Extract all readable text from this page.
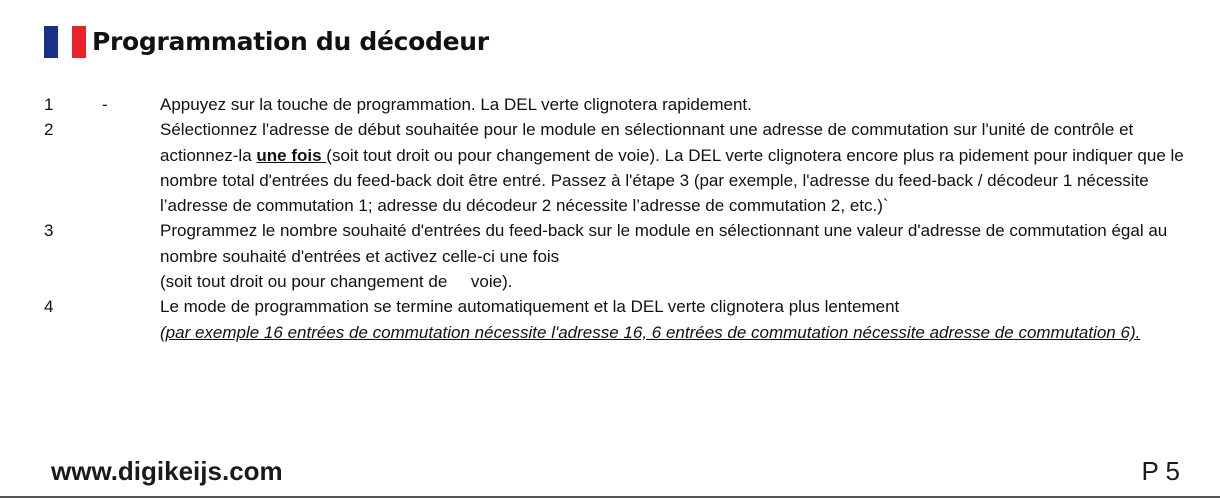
Programmation du décodeur
1	-	Appuyez sur la touche de programmation. La DEL verte clignotera rapidement.
2	Sélectionnez l'adresse de début souhaitée pour le module en sélectionnant une adresse de commutation sur l'unité de contrôle et actionnez-la une fois (soit tout droit ou pour changement de voie). La DEL verte clignotera encore plus ra pidement pour indiquer que le nombre total d'entrées du feed-back doit être entré. Passez à l'étape 3 (par exemple, l'adresse du feed-back / décodeur 1 nécessite l’adresse de commutation 1; adresse du décodeur 2 nécessite l’adresse de commutation 2, etc.)`
3	Programmez le nombre souhaité d'entrées du feed-back sur le module en sélectionnant une valeur d'adresse de commutation égal au nombre souhaité d'entrées et activez celle-ci une fois
(soit tout droit ou pour changement de     voie).
4	Le mode de programmation se termine automatiquement et la DEL verte clignotera plus lentement
(par exemple 16 entrées de commutation nécessite l'adresse 16, 6 entrées de commutation nécessite adresse de commutation 6).
www.digikeijs.com	P 5
